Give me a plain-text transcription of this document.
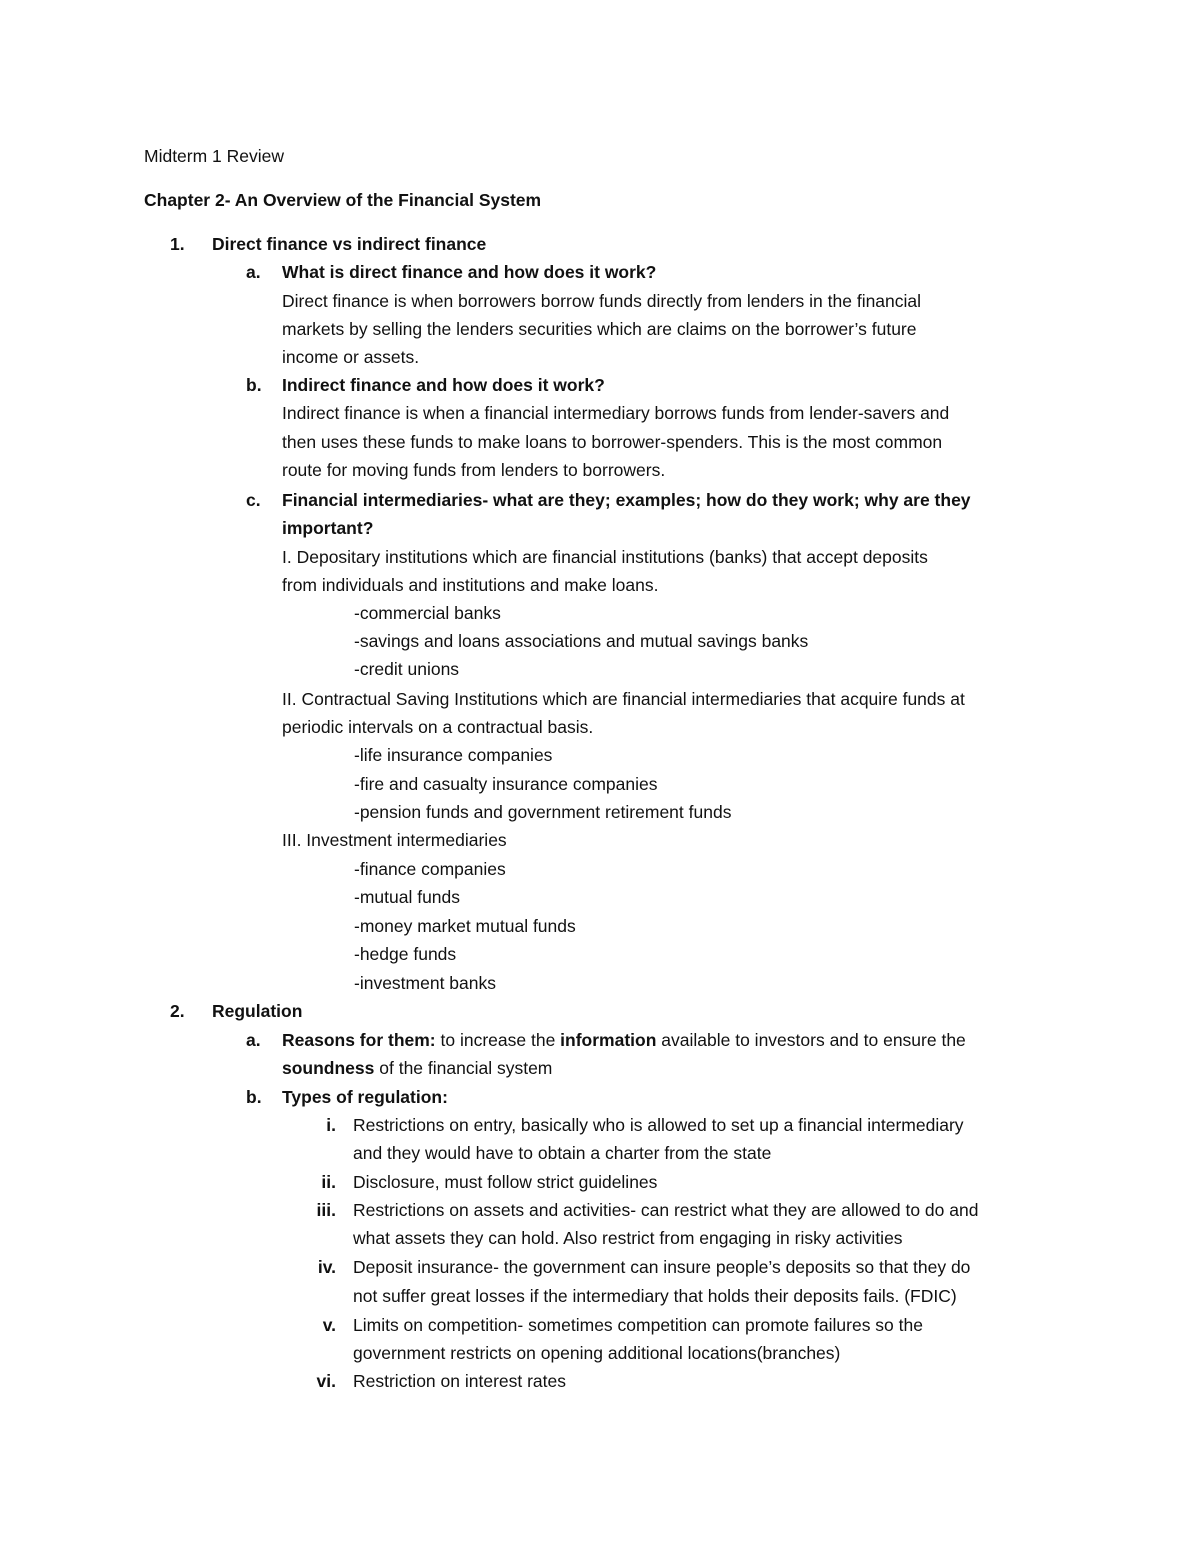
Midterm 1 Review
Chapter 2- An Overview of the Financial System
1. Direct finance vs indirect finance
a. What is direct finance and how does it work?
Direct finance is when borrowers borrow funds directly from lenders in the financial
markets by selling the lenders securities which are claims on the borrower’s future
income or assets.
b. Indirect finance and how does it work?
Indirect finance is when a financial intermediary borrows funds from lender-savers and
then uses these funds to make loans to borrower-spenders. This is the most common
route for moving funds from lenders to borrowers.
c. Financial intermediaries- what are they; examples; how do they work; why are they
important?
I. Depositary institutions which are financial institutions (banks) that accept deposits
from individuals and institutions and make loans.
-commercial banks
-savings and loans associations and mutual savings banks
-credit unions
II. Contractual Saving Institutions which are financial intermediaries that acquire funds at
periodic intervals on a contractual basis.
-life insurance companies
-fire and casualty insurance companies
-pension funds and government retirement funds
III. Investment intermediaries
-finance companies
-mutual funds
-money market mutual funds
-hedge funds
-investment banks
2. Regulation
a. Reasons for them: to increase the information available to investors and to ensure the
soundness of the financial system
b. Types of regulation:
i. Restrictions on entry, basically who is allowed to set up a financial intermediary
and they would have to obtain a charter from the state
ii. Disclosure, must follow strict guidelines
iii. Restrictions on assets and activities- can restrict what they are allowed to do and
what assets they can hold. Also restrict from engaging in risky activities
iv. Deposit insurance- the government can insure people’s deposits so that they do
not suffer great losses if the intermediary that holds their deposits fails. (FDIC)
v. Limits on competition- sometimes competition can promote failures so the
government restricts on opening additional locations(branches)
vi. Restriction on interest rates
